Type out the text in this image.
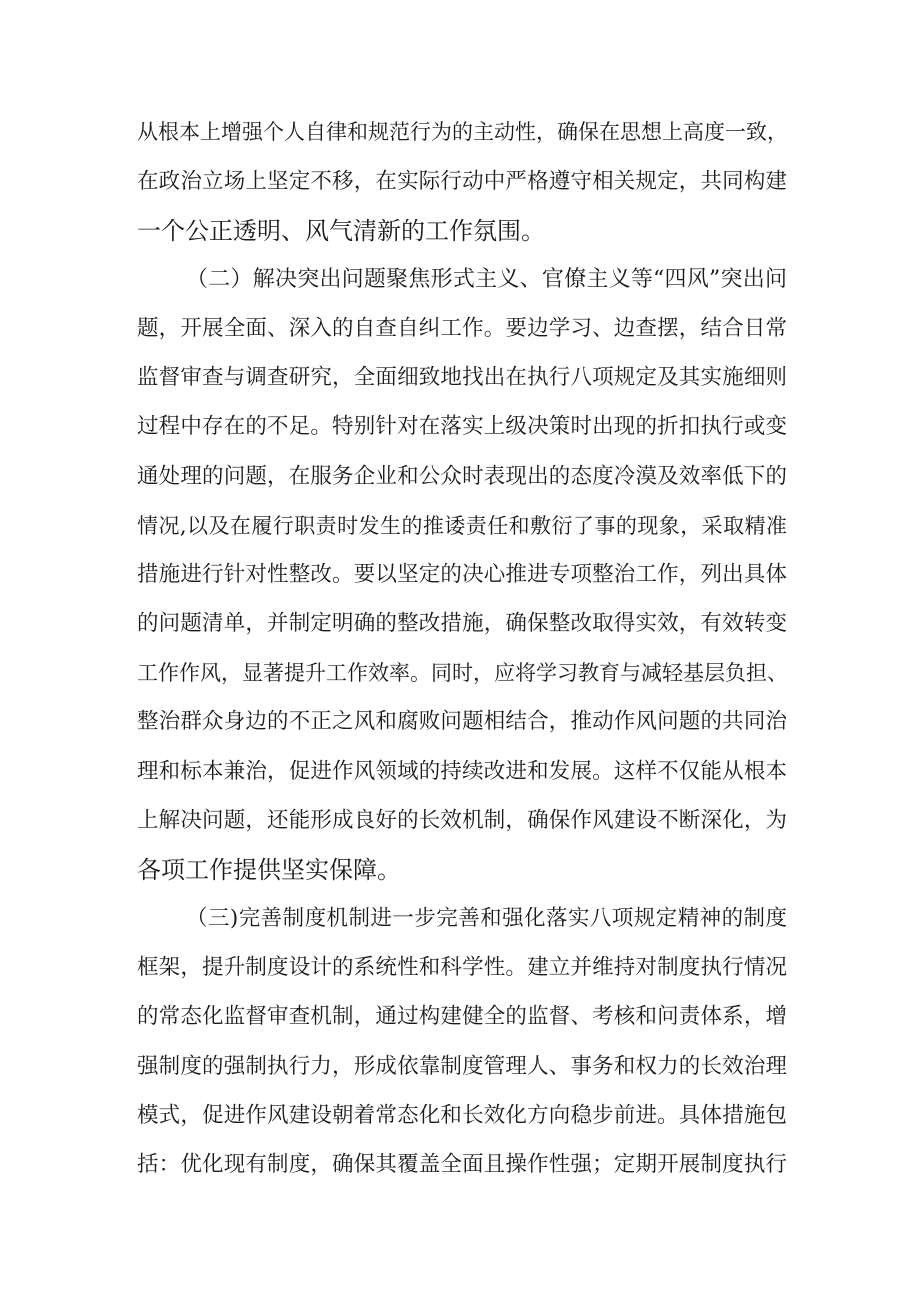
从根本上增强个人自律和规范行为的主动性，确保在思想上高度一致，
在政治立场上坚定不移，在实际行动中严格遵守相关规定，共同构建
一个公正透明、风气清新的工作氛围。
（二）解决突出问题聚焦形式主义、官僚主义等“四风”突出问
题，开展全面、深入的自查自纠工作。要边学习、边查摆，结合日常
监督审查与调查研究，全面细致地找出在执行八项规定及其实施细则
过程中存在的不足。特别针对在落实上级决策时出现的折扣执行或变
通处理的问题，在服务企业和公众时表现出的态度冷漠及效率低下的
情况,以及在履行职责时发生的推诿责任和敷衍了事的现象，采取精准
措施进行针对性整改。要以坚定的决心推进专项整治工作，列出具体
的问题清单，并制定明确的整改措施，确保整改取得实效，有效转变
工作作风，显著提升工作效率。同时，应将学习教育与减轻基层负担、
整治群众身边的不正之风和腐败问题相结合，推动作风问题的共同治
理和标本兼治，促进作风领域的持续改进和发展。这样不仅能从根本
上解决问题，还能形成良好的长效机制，确保作风建设不断深化，为
各项工作提供坚实保障。
（三)完善制度机制进一步完善和强化落实八项规定精神的制度
框架，提升制度设计的系统性和科学性。建立并维持对制度执行情况
的常态化监督审查机制，通过构建健全的监督、考核和问责体系，增
强制度的强制执行力，形成依靠制度管理人、事务和权力的长效治理
模式，促进作风建设朝着常态化和长效化方向稳步前进。具体措施包
括：优化现有制度，确保其覆盖全面且操作性强；定期开展制度执行
